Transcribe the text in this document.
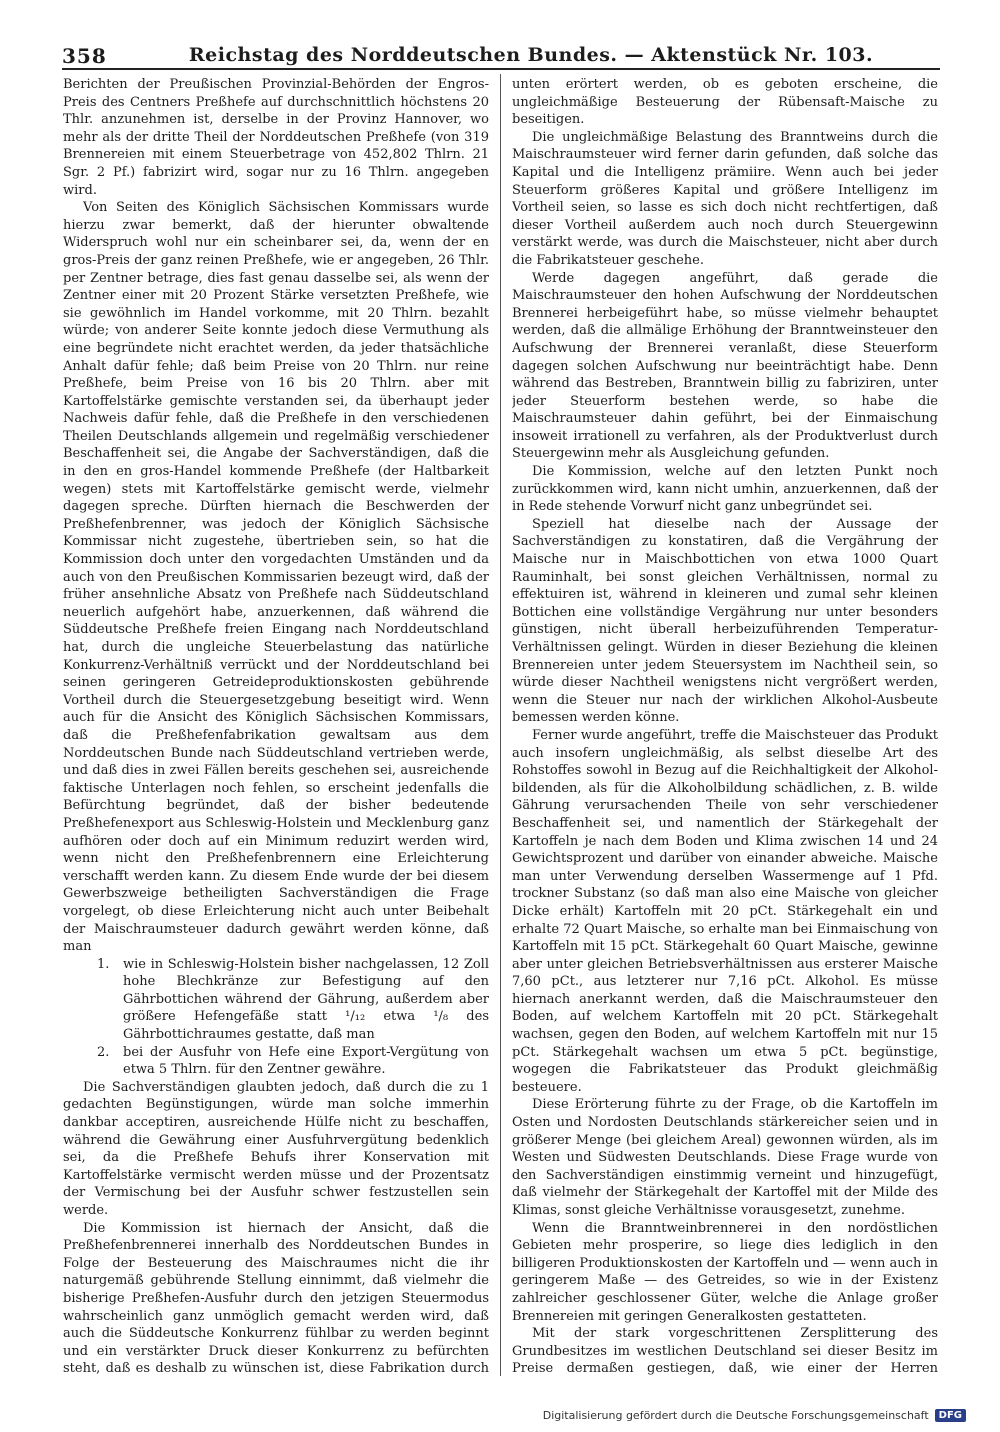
358	Reichstag des Norddeutschen Bundes. — Aktenstück Nr. 103.

Berichten der Preußischen Provinzial-Behörden der Engros-Preis des Centners Preßhefe auf durchschnittlich höchstens 20 Thlr. anzunehmen ist, derselbe in der Provinz Hannover, wo mehr als der dritte Theil der Norddeutschen Preßhefe (von 319 Brennereien mit einem Steuerbetrage von 452,802 Thlrn. 21 Sgr. 2 Pf.) fabrizirt wird, sogar nur zu 16 Thlrn. angegeben wird.

Von Seiten des Königlich Sächsischen Kommissars wurde hierzu zwar bemerkt, daß der hierunter obwaltende Widerspruch wohl nur ein scheinbarer sei, da, wenn der en gros-Preis der ganz reinen Preßhefe, wie er angegeben, 26 Thlr. per Zentner betrage, dies fast genau dasselbe sei, als wenn der Zentner einer mit 20 Prozent Stärke versetzten Preßhefe, wie sie gewöhnlich im Handel vorkomme, mit 20 Thlrn. bezahlt würde; von anderer Seite konnte jedoch diese Vermuthung als eine begründete nicht erachtet werden, da jeder thatsächliche Anhalt dafür fehle; daß beim Preise von 20 Thlrn. nur reine Preßhefe, beim Preise von 16 bis 20 Thlrn. aber mit Kartoffelstärke gemischte verstanden sei, da überhaupt jeder Nachweis dafür fehle, daß die Preßhefe in den verschiedenen Theilen Deutschlands allgemein und regelmäßig verschiedener Beschaffenheit sei, die Angabe der Sachverständigen, daß die in den en gros-Handel kommende Preßhefe (der Haltbarkeit wegen) stets mit Kartoffelstärke gemischt werde, vielmehr dagegen spreche. Dürften hiernach die Beschwerden der Preßhefenbrenner, was jedoch der Königlich Sächsische Kommissar nicht zugestehe, übertrieben sein, so hat die Kommission doch unter den vorgedachten Umständen und da auch von den Preußischen Kommissarien bezeugt wird, daß der früher ansehnliche Absatz von Preßhefe nach Süddeutschland neuerlich aufgehört habe, anzuerkennen, daß während die Süddeutsche Preßhefe freien Eingang nach Norddeutschland hat, durch die ungleiche Steuerbelastung das natürliche Konkurrenz-Verhältniß verrückt und der Norddeutschland bei seinen geringeren Getreideproduktionskosten gebührende Vortheil durch die Steuergesetzgebung beseitigt wird. Wenn auch für die Ansicht des Königlich Sächsischen Kommissars, daß die Preßhefenfabrikation gewaltsam aus dem Norddeutschen Bunde nach Süddeutschland vertrieben werde, und daß dies in zwei Fällen bereits geschehen sei, ausreichende faktische Unterlagen noch fehlen, so erscheint jedenfalls die Befürchtung begründet, daß der bisher bedeutende Preßhefenexport aus Schleswig-Holstein und Mecklenburg ganz aufhören oder doch auf ein Minimum reduzirt werden wird, wenn nicht den Preßhefenbrennern eine Erleichterung verschafft werden kann. Zu diesem Ende wurde der bei diesem Gewerbszweige betheiligten Sachverständigen die Frage vorgelegt, ob diese Erleichterung nicht auch unter Beibehalt der Maischraumsteuer dadurch gewährt werden könne, daß man

1. wie in Schleswig-Holstein bisher nachgelassen, 12 Zoll hohe Blechkränze zur Befestigung auf den Gährbottichen während der Gährung, außerdem aber größere Hefengefäße statt ¹/₁₂ etwa ¹/₈ des Gährbottichraumes gestatte, daß man
2. bei der Ausfuhr von Hefe eine Export-Vergütung von etwa 5 Thlrn. für den Zentner gewähre.

Die Sachverständigen glaubten jedoch, daß durch die zu 1 gedachten Begünstigungen, würde man solche immerhin dankbar acceptiren, ausreichende Hülfe nicht zu beschaffen, während die Gewährung einer Ausfuhrvergütung bedenklich sei, da die Preßhefe Behufs ihrer Konservation mit Kartoffelstärke vermischt werden müsse und der Prozentsatz der Vermischung bei der Ausfuhr schwer festzustellen sein werde.

Die Kommission ist hiernach der Ansicht, daß die Preßhefenbrennerei innerhalb des Norddeutschen Bundes in Folge der Besteuerung des Maischraumes nicht die ihr naturgemäß gebührende Stellung einnimmt, daß vielmehr die bisherige Preßhefen-Ausfuhr durch den jetzigen Steuermodus wahrscheinlich ganz unmöglich gemacht werden wird, daß auch die Süddeutsche Konkurrenz fühlbar zu werden beginnt und ein verstärkter Druck dieser Konkurrenz zu befürchten steht, daß es deshalb zu wünschen ist, diese Fabrikation durch

unten erörtert werden, ob es geboten erscheine, die ungleichmäßige Besteuerung der Rübensaft-Maische zu beseitigen.

Die ungleichmäßige Belastung des Branntweins durch die Maischraumsteuer wird ferner darin gefunden, daß solche das Kapital und die Intelligenz prämiire. Wenn auch bei jeder Steuerform größeres Kapital und größere Intelligenz im Vortheil seien, so lasse es sich doch nicht rechtfertigen, daß dieser Vortheil außerdem auch noch durch Steuergewinn verstärkt werde, was durch die Maischsteuer, nicht aber durch die Fabrikatsteuer geschehe.

Werde dagegen angeführt, daß gerade die Maischraumsteuer den hohen Aufschwung der Norddeutschen Brennerei herbeigeführt habe, so müsse vielmehr behauptet werden, daß die allmälige Erhöhung der Branntweinsteuer den Aufschwung der Brennerei veranlaßt, diese Steuerform dagegen solchen Aufschwung nur beeinträchtigt habe. Denn während das Bestreben, Branntwein billig zu fabriziren, unter jeder Steuerform bestehen werde, so habe die Maischraumsteuer dahin geführt, bei der Einmaischung insoweit irrationell zu verfahren, als der Produktverlust durch Steuergewinn mehr als Ausgleichung gefunden.

Die Kommission, welche auf den letzten Punkt noch zurückkommen wird, kann nicht umhin, anzuerkennen, daß der in Rede stehende Vorwurf nicht ganz unbegründet sei.

Speziell hat dieselbe nach der Aussage der Sachverständigen zu konstatiren, daß die Vergährung der Maische nur in Maischbottichen von etwa 1000 Quart Rauminhalt, bei sonst gleichen Verhältnissen, normal zu effektuiren ist, während in kleineren und zumal sehr kleinen Bottichen eine vollständige Vergährung nur unter besonders günstigen, nicht überall herbeizuführenden Temperatur-Verhältnissen gelingt. Würden in dieser Beziehung die kleinen Brennereien unter jedem Steuersystem im Nachtheil sein, so würde dieser Nachtheil wenigstens nicht vergrößert werden, wenn die Steuer nur nach der wirklichen Alkohol-Ausbeute bemessen werden könne.

Ferner wurde angeführt, treffe die Maischsteuer das Produkt auch insofern ungleichmäßig, als selbst dieselbe Art des Rohstoffes sowohl in Bezug auf die Reichhaltigkeit der Alkohol-bildenden, als für die Alkoholbildung schädlichen, z. B. wilde Gährung verursachenden Theile von sehr verschiedener Beschaffenheit sei, und namentlich der Stärkegehalt der Kartoffeln je nach dem Boden und Klima zwischen 14 und 24 Gewichtsprozent und darüber von einander abweiche. Maische man unter Verwendung derselben Wassermenge auf 1 Pfd. trockner Substanz (so daß man also eine Maische von gleicher Dicke erhält) Kartoffeln mit 20 pCt. Stärkegehalt ein und erhalte 72 Quart Maische, so erhalte man bei Einmaischung von Kartoffeln mit 15 pCt. Stärkegehalt 60 Quart Maische, gewinne aber unter gleichen Betriebsverhältnissen aus ersterer Maische 7,60 pCt., aus letzterer nur 7,16 pCt. Alkohol. Es müsse hiernach anerkannt werden, daß die Maischraumsteuer den Boden, auf welchem Kartoffeln mit 20 pCt. Stärkegehalt wachsen, gegen den Boden, auf welchem Kartoffeln mit nur 15 pCt. Stärkegehalt wachsen um etwa 5 pCt. begünstige, wogegen die Fabrikatsteuer das Produkt gleichmäßig besteuere.

Diese Erörterung führte zu der Frage, ob die Kartoffeln im Osten und Nordosten Deutschlands stärkereicher seien und in größerer Menge (bei gleichem Areal) gewonnen würden, als im Westen und Südwesten Deutschlands. Diese Frage wurde von den Sachverständigen einstimmig verneint und hinzugefügt, daß vielmehr der Stärkegehalt der Kartoffel mit der Milde des Klimas, sonst gleiche Verhältnisse vorausgesetzt, zunehme.

Wenn die Branntweinbrennerei in den nordöstlichen Gebieten mehr prosperire, so liege dies lediglich in den billigeren Produktionskosten der Kartoffeln und — wenn auch in geringerem Maße — des Getreides, so wie in der Existenz zahlreicher geschlossener Güter, welche die Anlage großer Brennereien mit geringen Generalkosten gestatteten.

Mit der stark vorgeschrittenen Zersplitterung des Grundbesitzes im westlichen Deutschland sei dieser Besitz im Preise dermaßen gestiegen, daß, wie einer der Herren

Digitalisierung gefördert durch die Deutsche Forschungsgemeinschaft	DFG
